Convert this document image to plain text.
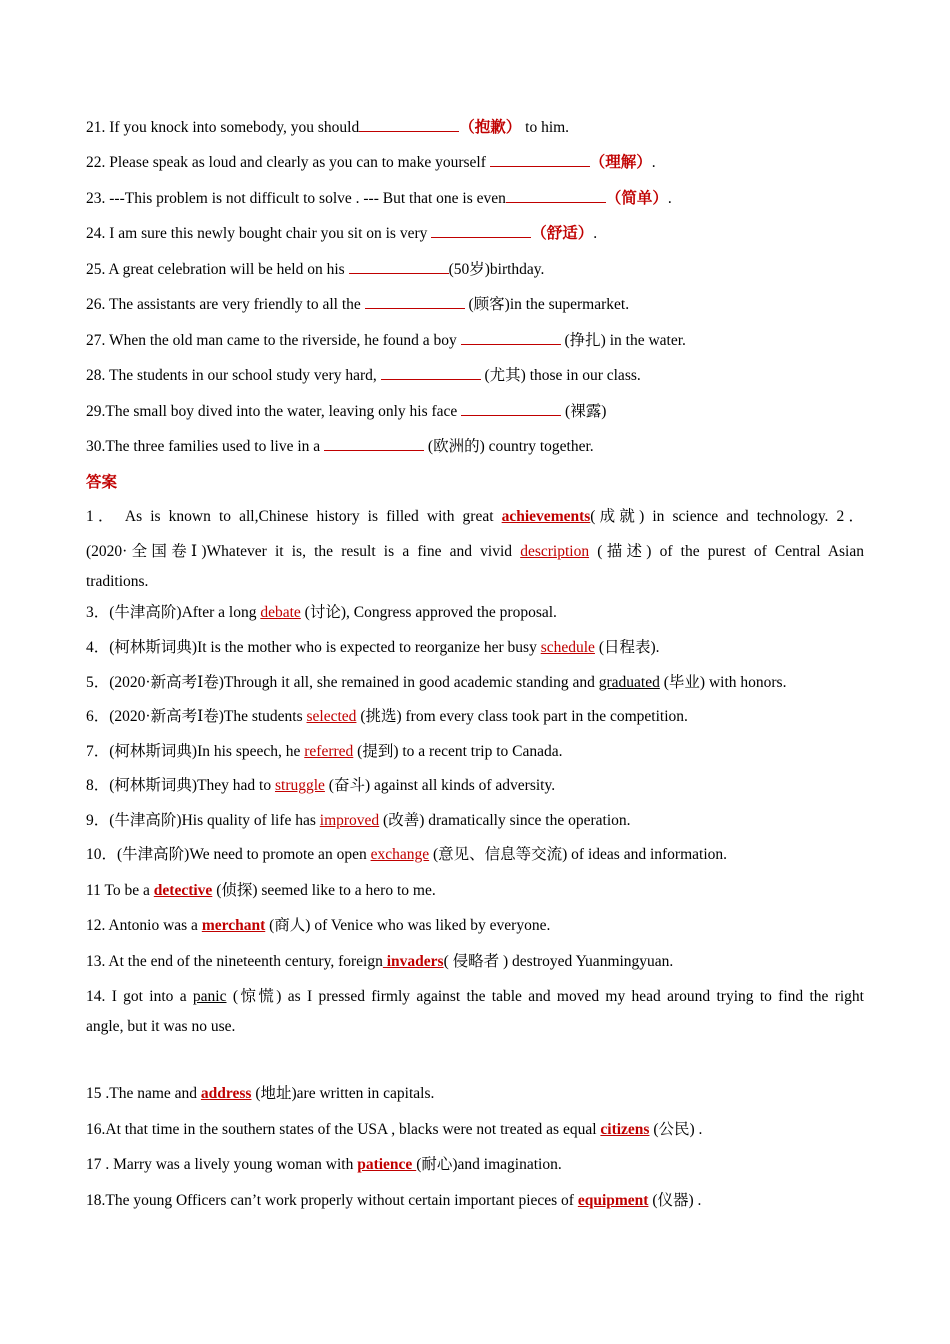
21. If you knock into somebody, you should	（抱歉） to him.
22. Please speak as loud and clearly as you can to make yourself	（理解）.
23. ---This problem is not difficult to solve . --- But that one is even	（简单）.
24. I am sure this newly bought chair you sit on is very	（舒适）.
25. A great celebration will be held on his	(50岁)birthday.
26. The assistants are very friendly to all the	(顾客)in the supermarket.
27. When the old man came to the riverside, he found a boy	(挣扎) in the water.
28. The students in our school study very hard,	(尤其) those in our class.
29.The small boy dived into the water, leaving only his face	(裸露)
30.The three families used to live in a	(欧洲的) country together.
答案
1． As is known to all,Chinese history is filled with great achievements(成就) in science and technology. 2．
(2020·全国卷Ⅰ)Whatever it is, the result is a fine and vivid description (描述) of the purest of Central Asian
traditions.
3．(牛津高阶)After a long debate (讨论), Congress approved the proposal.
4．(柯林斯词典)It is the mother who is expected to reorganize her busy schedule (日程表).
5．(2020·新高考Ⅰ卷)Through it all, she remained in good academic standing and graduated (毕业) with honors.
6．(2020·新高考Ⅰ卷)The students selected (挑选) from every class took part in the competition.
7．(柯林斯词典)In his speech, he referred (提到) to a recent trip to Canada.
8．(柯林斯词典)They had to struggle (奋斗) against all kinds of adversity.
9．(牛津高阶)His quality of life has improved (改善) dramatically since the operation.
10．(牛津高阶)We need to promote an open exchange (意见、信息等交流) of ideas and information.
11 To be a detective (侦探) seemed like to a hero to me.
12. Antonio was a merchant (商人) of Venice who was liked by everyone.
13. At the end of the nineteenth century, foreign invaders( 侵略者 ) destroyed Yuanmingyuan.
14. I got into a panic (惊慌) as I pressed firmly against the table and moved my head around trying to find the right
angle, but it was no use.
15 .The name and address (地址)are written in capitals.
16.At that time in the southern states of the USA , blacks were not treated as equal citizens (公民) .
17 . Marry was a lively young woman with patience (耐心)and imagination.
18.The young Officers can’t work properly without certain important pieces of equipment (仪器) .
